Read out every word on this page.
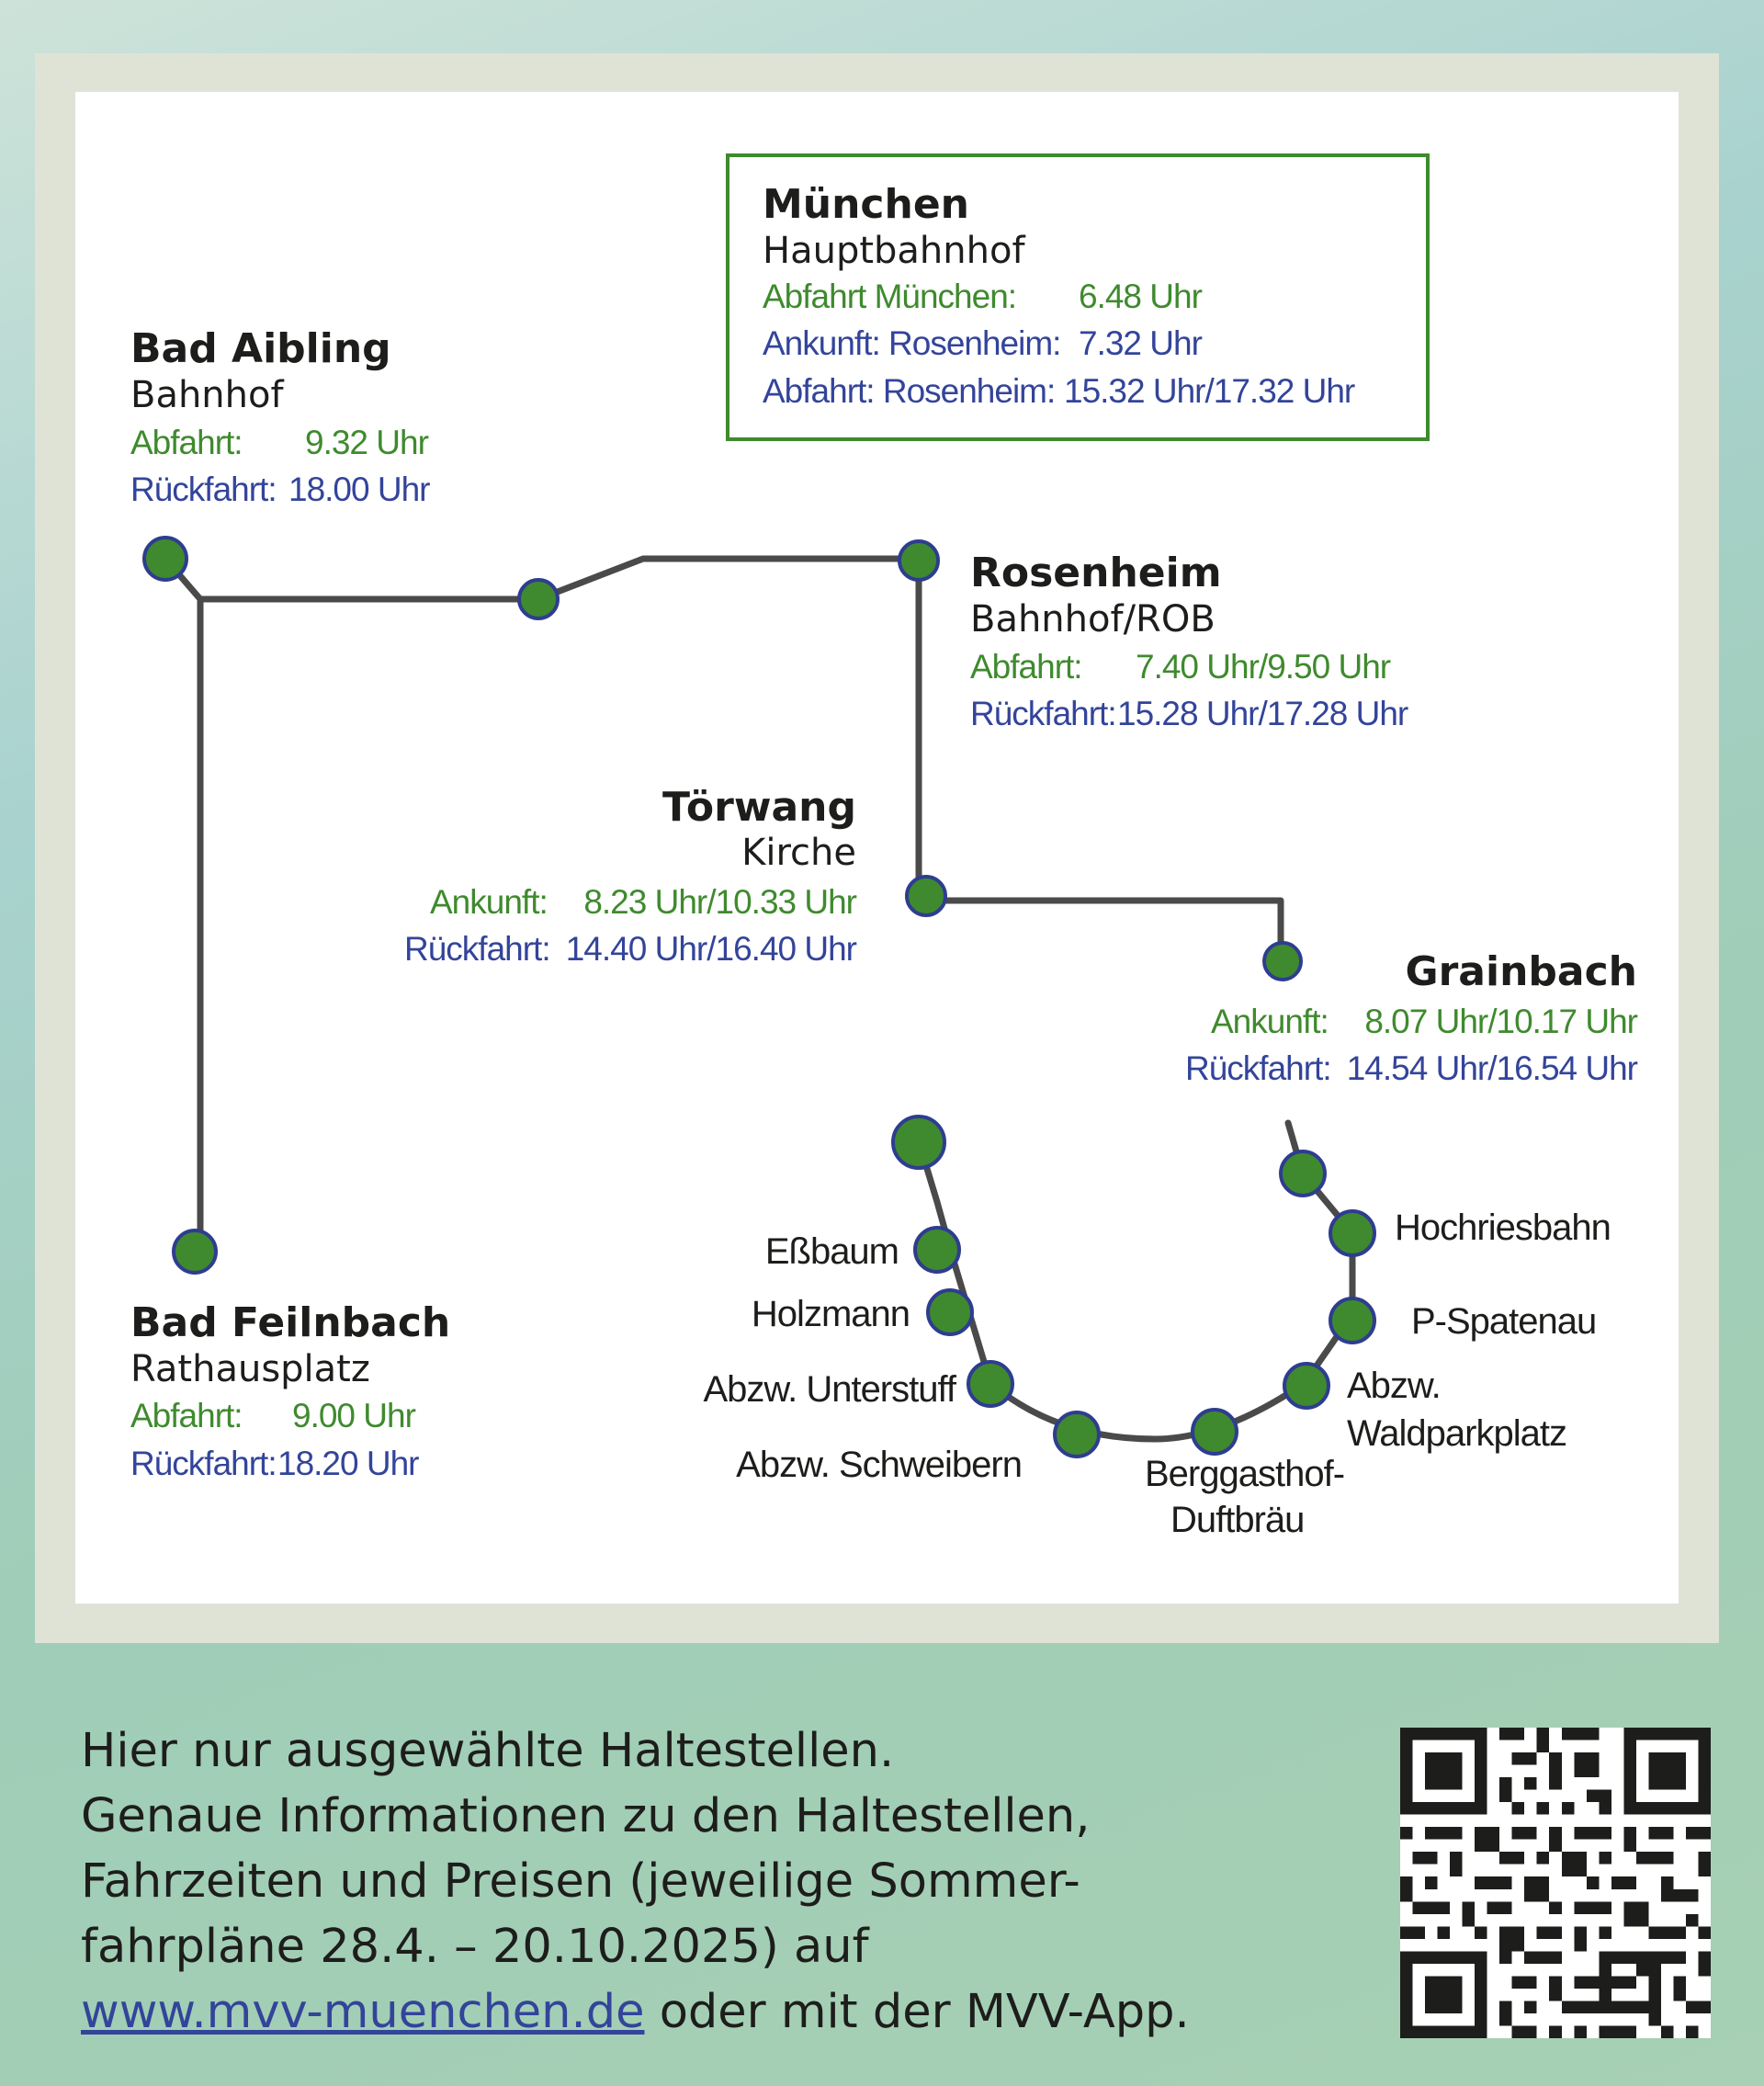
München
Hauptbahnhof
Abfahrt München: 6.48 Uhr
Ankunft: Rosenheim: 7.32 Uhr
Abfahrt: Rosenheim: 15.32 Uhr/17.32 Uhr
Bad Aibling
Bahnhof
Abfahrt: 9.32 Uhr
Rückfahrt: 18.00 Uhr
Rosenheim
Bahnhof/ROB
Abfahrt: 7.40 Uhr/9.50 Uhr
Rückfahrt: 15.28 Uhr/17.28 Uhr
Törwang
Kirche
Ankunft: 8.23 Uhr/10.33 Uhr
Rückfahrt: 14.40 Uhr/16.40 Uhr	Grainbach
Ankunft: 8.07 Uhr/10.17 Uhr
Rückfahrt: 14.54 Uhr/16.54 Uhr
Bad Feilnbach
Rathausplatz
Abfahrt: 9.00 Uhr
Rückfahrt: 18.20 Uhr
Eßbaum
Holzmann
Abzw. Unterstuff
Abzw. Schweibern	Berggasthof-
Duftbräu
Abzw.
Waldparkplatz
P-Spatenau
Hochriesbahn
Hier nur ausgewählte Haltestellen.
Genaue Informationen zu den Haltestellen,
Fahrzeiten und Preisen (jeweilige Sommer-
fahrpläne 28.4. – 20.10.2025) auf
www.mvv-muenchen.de oder mit der MVV-App.
